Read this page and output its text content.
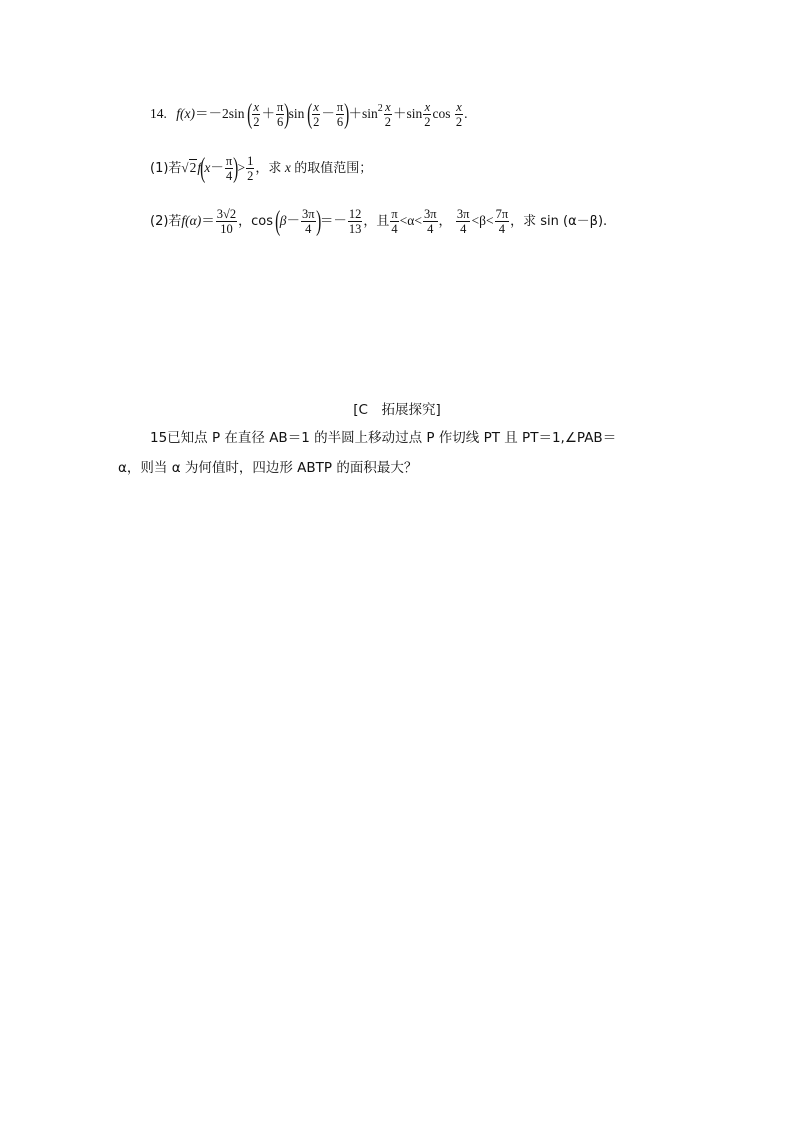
14. f(x)＝－2sin ( $\frac{x}{2} + \frac{\pi}{6} )\sin$ ( $\frac{x}{2} - \frac{\pi}{6} )+\sin^2 \frac{x}{2} +\sin \frac{x}{2}$ $\cos \frac{x}{2}$ .
(1)若$√2f(x- \frac{\pi}{4}$ )> $\frac{1}{2}$ ，求 x 的取值范围；
(2)若$f(\alpha)= \frac{3√2}{10}$ ，$\cos (\beta- \frac{3\pi}{4}$ )＝－ $\frac{12}{13}$ ，且 $\frac{\pi}{4} <\alpha< \frac{3\pi}{4}$ ， $\frac{3\pi}{4} <\beta< \frac{7\pi}{4}$ ，求 sin (α－β).
[C　拓展探究]
15已知点 P 在直径 AB＝1 的半圆上移动过点 P 作切线 PT 且 PT＝1,∠PAB＝
α，则当 α 为何值时，四边形 ABTP 的面积最大？
